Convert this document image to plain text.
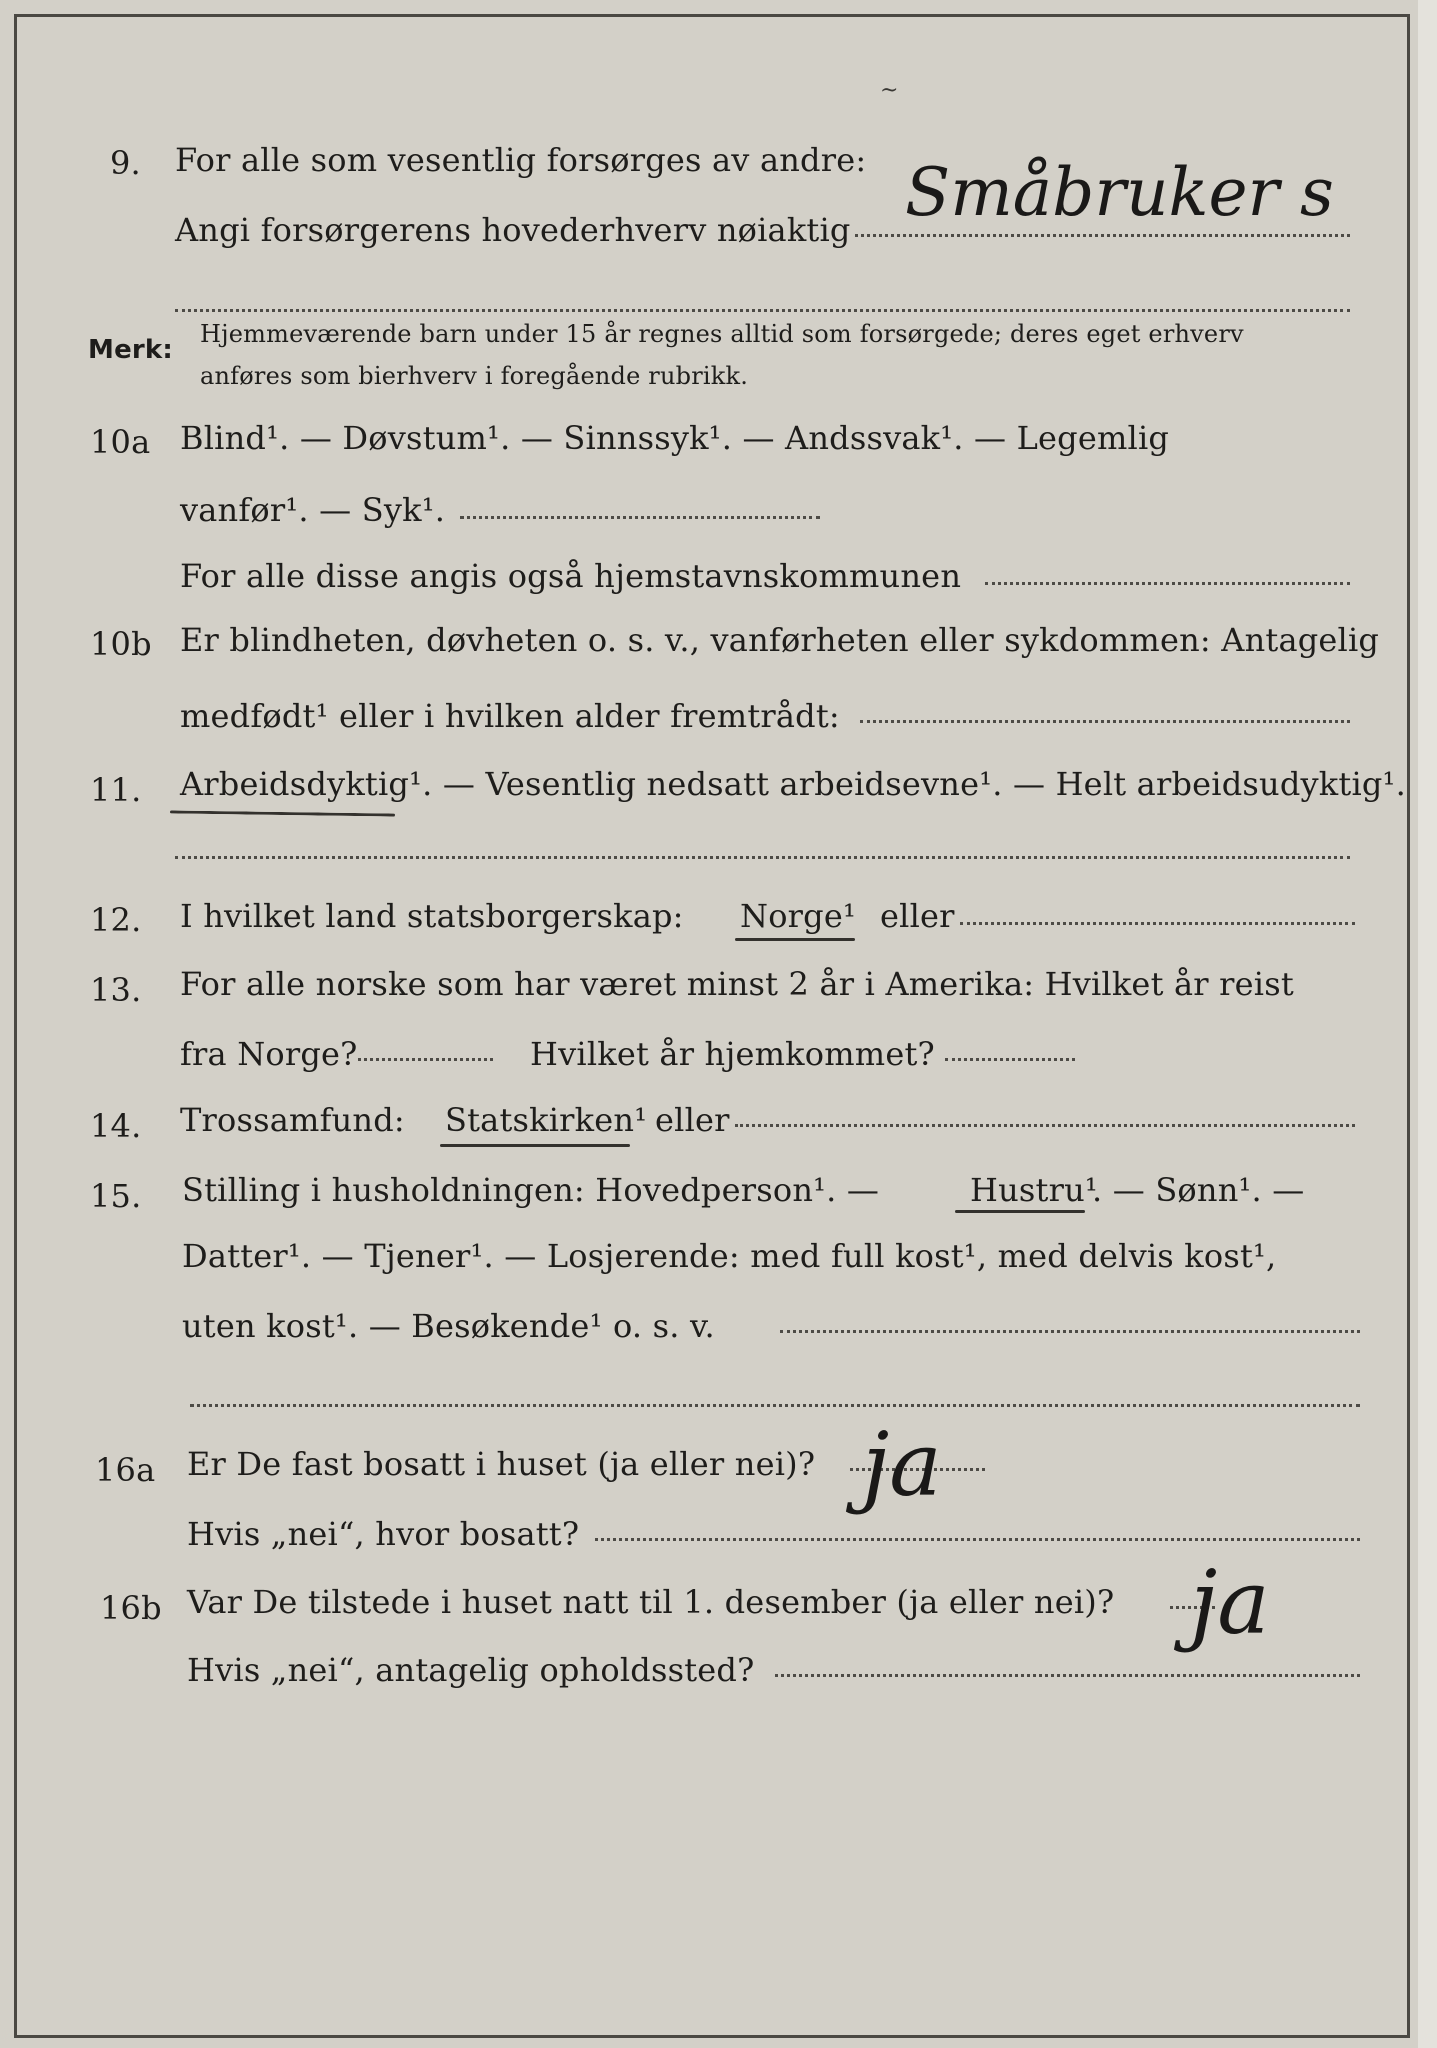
~
9. For alle som vesentlig forsørges av andre:
Angi forsørgerens hovederhverv nøiaktig Småbruker s
Merk:
Hjemmeværende barn under 15 år regnes alltid som forsørgede; deres eget erhverv
anføres som bierhverv i foregående rubrikk.
10a Blind¹. — Døvstum¹. — Sinnssyk¹. — Andssvak¹. — Legemlig
vanfør¹. — Syk¹.
For alle disse angis også hjemstavnskommunen
10b Er blindheten, døvheten o. s. v., vanførheten eller sykdommen: Antagelig
medfødt¹ eller i hvilken alder fremtrådt:
11. Arbeidsdyktig¹. — Vesentlig nedsatt arbeidsevne¹. — Helt arbeidsudyktig¹.
12. I hvilket land statsborgerskap: Norge¹ eller
13. For alle norske som har været minst 2 år i Amerika: Hvilket år reist
fra Norge?	Hvilket år hjemkommet?
14. Trossamfund: Statskirken¹ eller
15. Stilling i husholdningen: Hovedperson¹. —	Hustru¹
. — Sønn¹. —
Datter¹. — Tjener¹. — Losjerende: med full kost¹, med delvis kost¹,
uten kost¹. — Besøkende¹ o. s. v.
16a Er De fast bosatt i huset (ja eller nei)? ja
Hvis „nei“, hvor bosatt?
16b Var De tilstede i huset natt til 1. desember (ja eller nei)? ja
Hvis „nei“, antagelig opholdssted?
